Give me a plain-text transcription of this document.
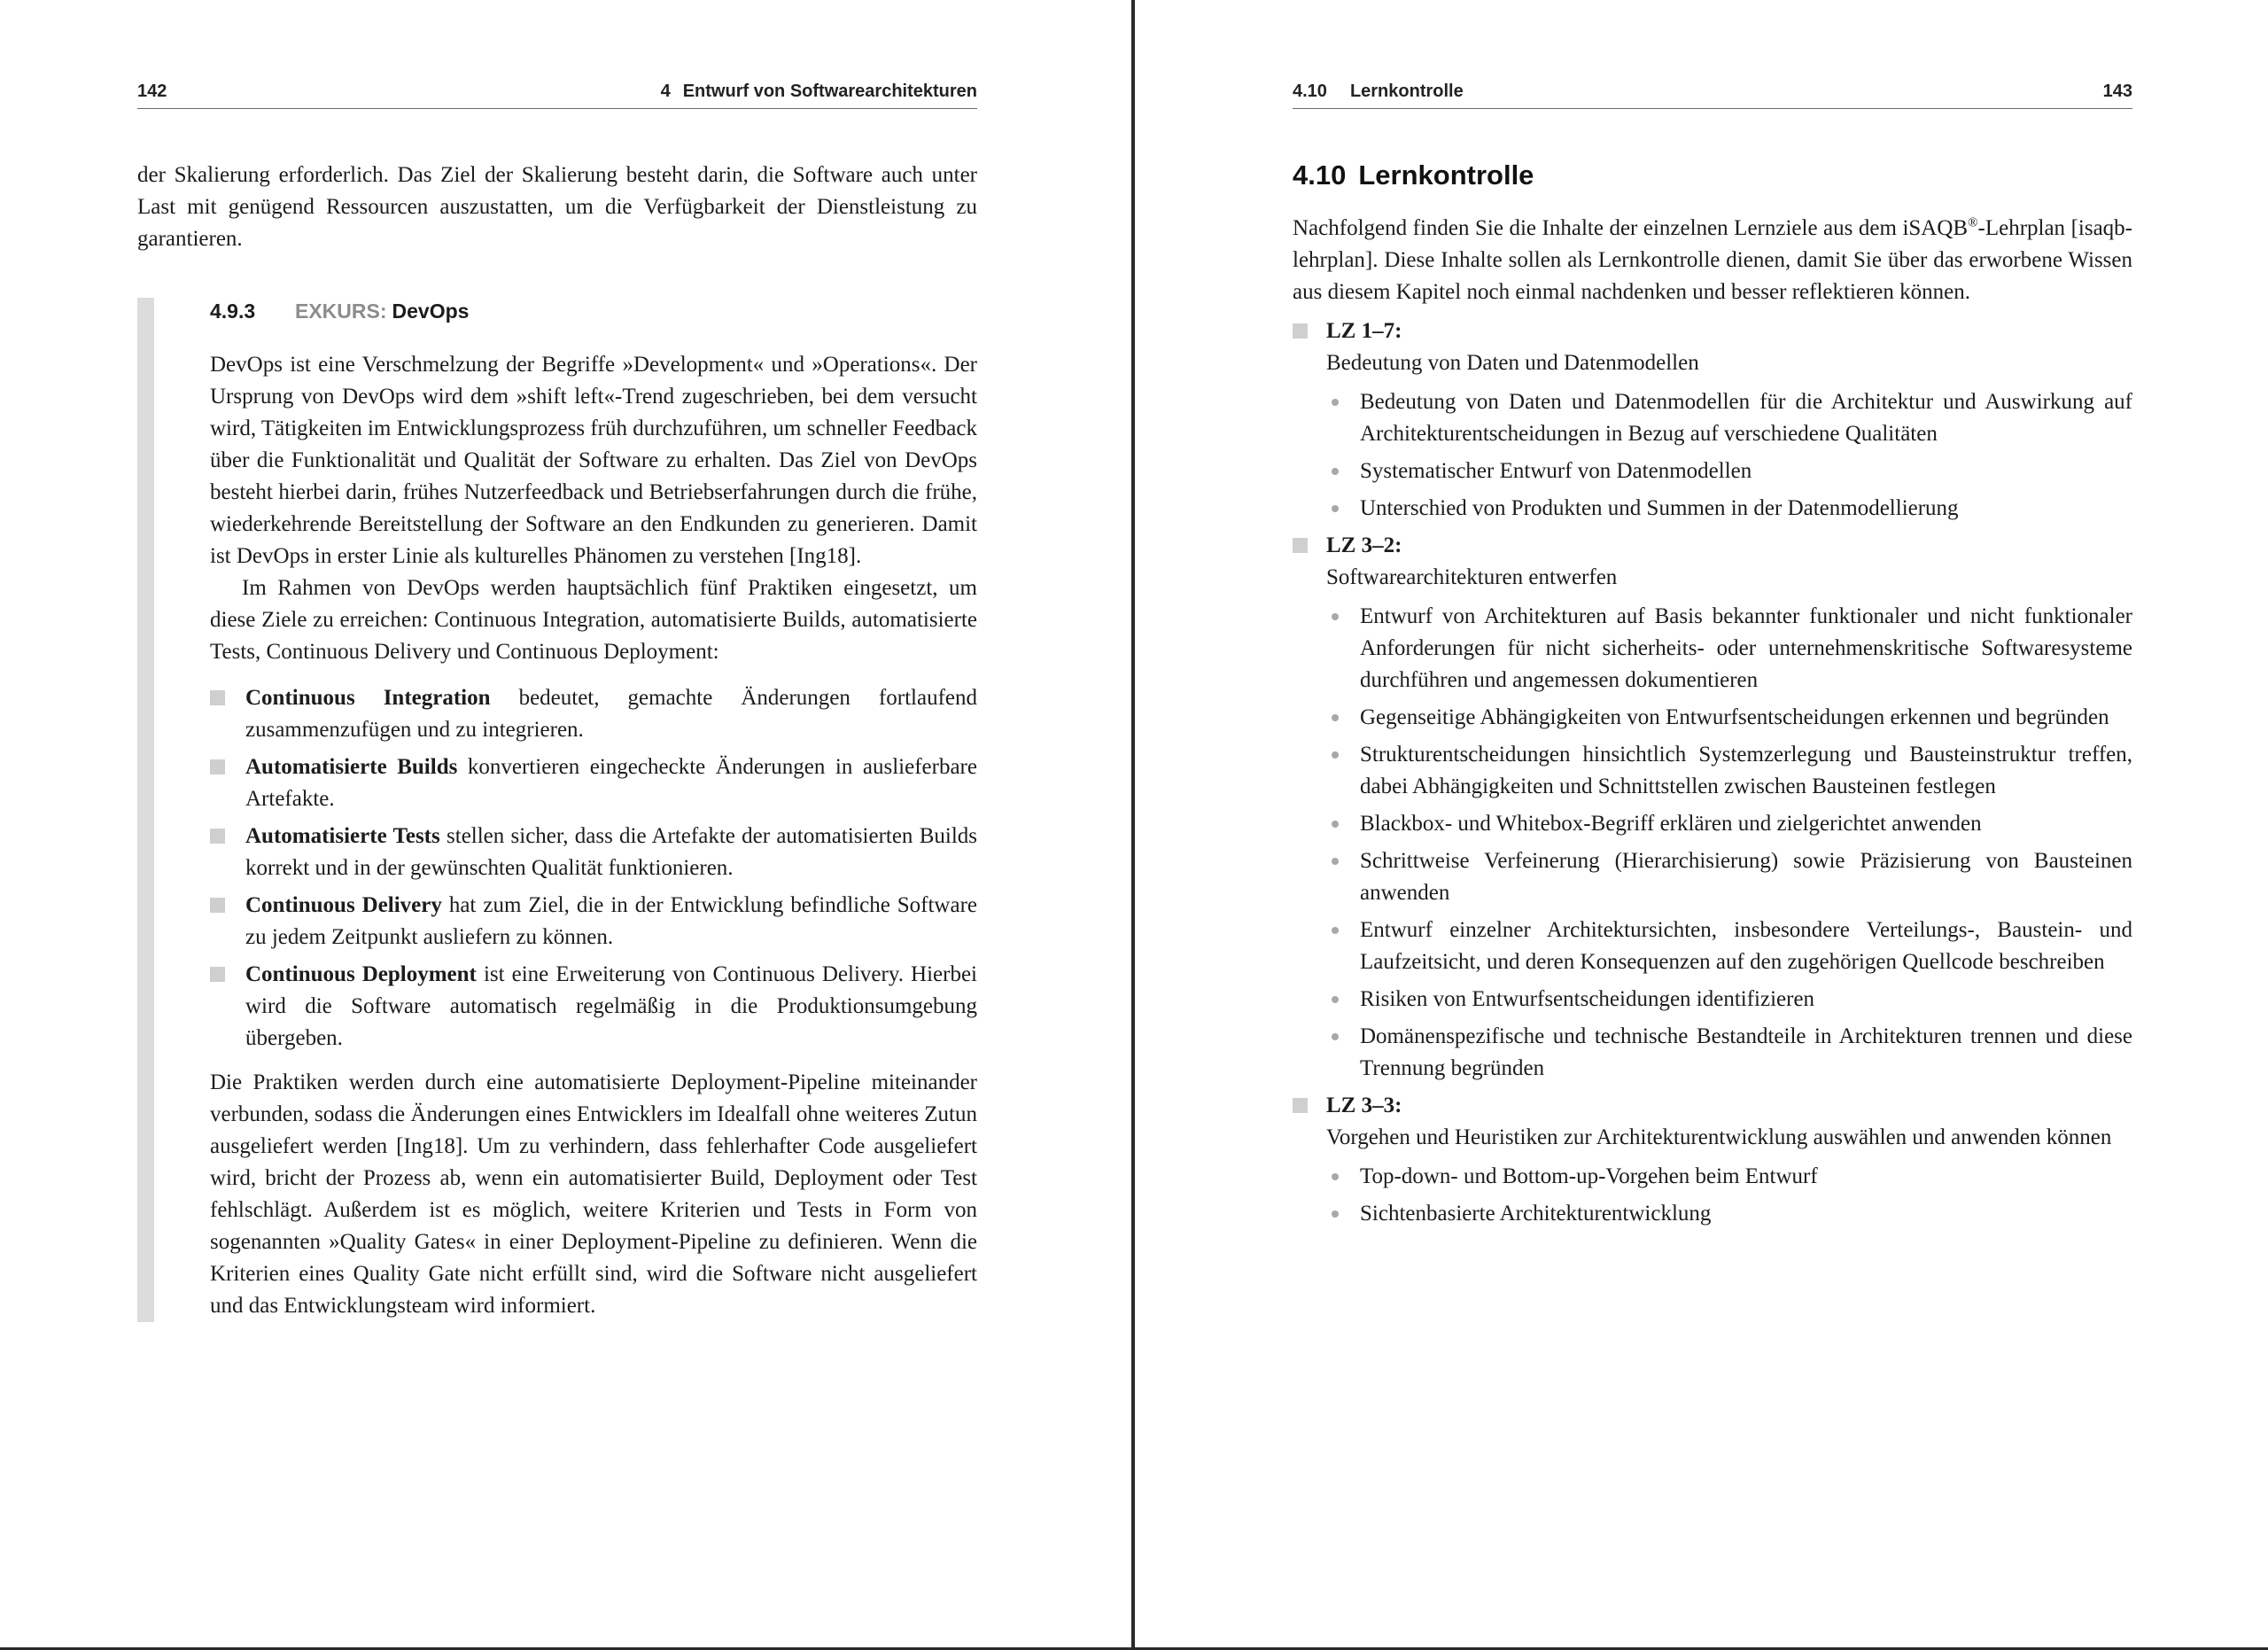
142	4 Entwurf von Softwarearchitekturen

der Skalierung erforderlich. Das Ziel der Skalierung besteht darin, die Software auch unter Last mit genügend Ressourcen auszustatten, um die Verfügbarkeit der Dienstleistung zu garantieren.

4.9.3 EXKURS: DevOps

DevOps ist eine Verschmelzung der Begriffe »Development« und »Operations«. Der Ursprung von DevOps wird dem »shift left«-Trend zugeschrieben, bei dem versucht wird, Tätigkeiten im Entwicklungsprozess früh durchzuführen, um schneller Feedback über die Funktionalität und Qualität der Software zu erhalten. Das Ziel von DevOps besteht hierbei darin, frühes Nutzerfeedback und Betriebserfahrungen durch die frühe, wiederkehrende Bereitstellung der Software an den Endkunden zu generieren. Damit ist DevOps in erster Linie als kulturelles Phänomen zu verstehen [Ing18].

Im Rahmen von DevOps werden hauptsächlich fünf Praktiken eingesetzt, um diese Ziele zu erreichen: Continuous Integration, automatisierte Builds, automatisierte Tests, Continuous Delivery und Continuous Deployment:

Continuous Integration bedeutet, gemachte Änderungen fortlaufend zusammenzufügen und zu integrieren.
Automatisierte Builds konvertieren eingecheckte Änderungen in auslieferbare Artefakte.
Automatisierte Tests stellen sicher, dass die Artefakte der automatisierten Builds korrekt und in der gewünschten Qualität funktionieren.
Continuous Delivery hat zum Ziel, die in der Entwicklung befindliche Software zu jedem Zeitpunkt ausliefern zu können.
Continuous Deployment ist eine Erweiterung von Continuous Delivery. Hierbei wird die Software automatisch regelmäßig in die Produktionsumgebung übergeben.

Die Praktiken werden durch eine automatisierte Deployment-Pipeline miteinander verbunden, sodass die Änderungen eines Entwicklers im Idealfall ohne weiteres Zutun ausgeliefert werden [Ing18]. Um zu verhindern, dass fehlerhafter Code ausgeliefert wird, bricht der Prozess ab, wenn ein automatisierter Build, Deployment oder Test fehlschlägt. Außerdem ist es möglich, weitere Kriterien und Tests in Form von sogenannten »Quality Gates« in einer Deployment-Pipeline zu definieren. Wenn die Kriterien eines Quality Gate nicht erfüllt sind, wird die Software nicht ausgeliefert und das Entwicklungsteam wird informiert.

4.10 Lernkontrolle	143
4.10 Lernkontrolle

Nachfolgend finden Sie die Inhalte der einzelnen Lernziele aus dem iSAQB®-Lehrplan [isaqb-lehrplan]. Diese Inhalte sollen als Lernkontrolle dienen, damit Sie über das erworbene Wissen aus diesem Kapitel noch einmal nachdenken und besser reflektieren können.

LZ 1–7:
Bedeutung von Daten und Datenmodellen
Bedeutung von Daten und Datenmodellen für die Architektur und Auswirkung auf Architekturentscheidungen in Bezug auf verschiedene Qualitäten
Systematischer Entwurf von Datenmodellen
Unterschied von Produkten und Summen in der Datenmodellierung
LZ 3–2:
Softwarearchitekturen entwerfen
Entwurf von Architekturen auf Basis bekannter funktionaler und nicht funktionaler Anforderungen für nicht sicherheits- oder unternehmenskritische Softwaresysteme durchführen und angemessen dokumentieren
Gegenseitige Abhängigkeiten von Entwurfsentscheidungen erkennen und begründen
Strukturentscheidungen hinsichtlich Systemzerlegung und Bausteinstruktur treffen, dabei Abhängigkeiten und Schnittstellen zwischen Bausteinen festlegen
Blackbox- und Whitebox-Begriff erklären und zielgerichtet anwenden
Schrittweise Verfeinerung (Hierarchisierung) sowie Präzisierung von Bausteinen anwenden
Entwurf einzelner Architektursichten, insbesondere Verteilungs-, Baustein- und Laufzeitsicht, und deren Konsequenzen auf den zugehörigen Quellcode beschreiben
Risiken von Entwurfsentscheidungen identifizieren
Domänenspezifische und technische Bestandteile in Architekturen trennen und diese Trennung begründen
LZ 3–3:
Vorgehen und Heuristiken zur Architekturentwicklung auswählen und anwenden können
Top-down- und Bottom-up-Vorgehen beim Entwurf
Sichtenbasierte Architekturentwicklung
